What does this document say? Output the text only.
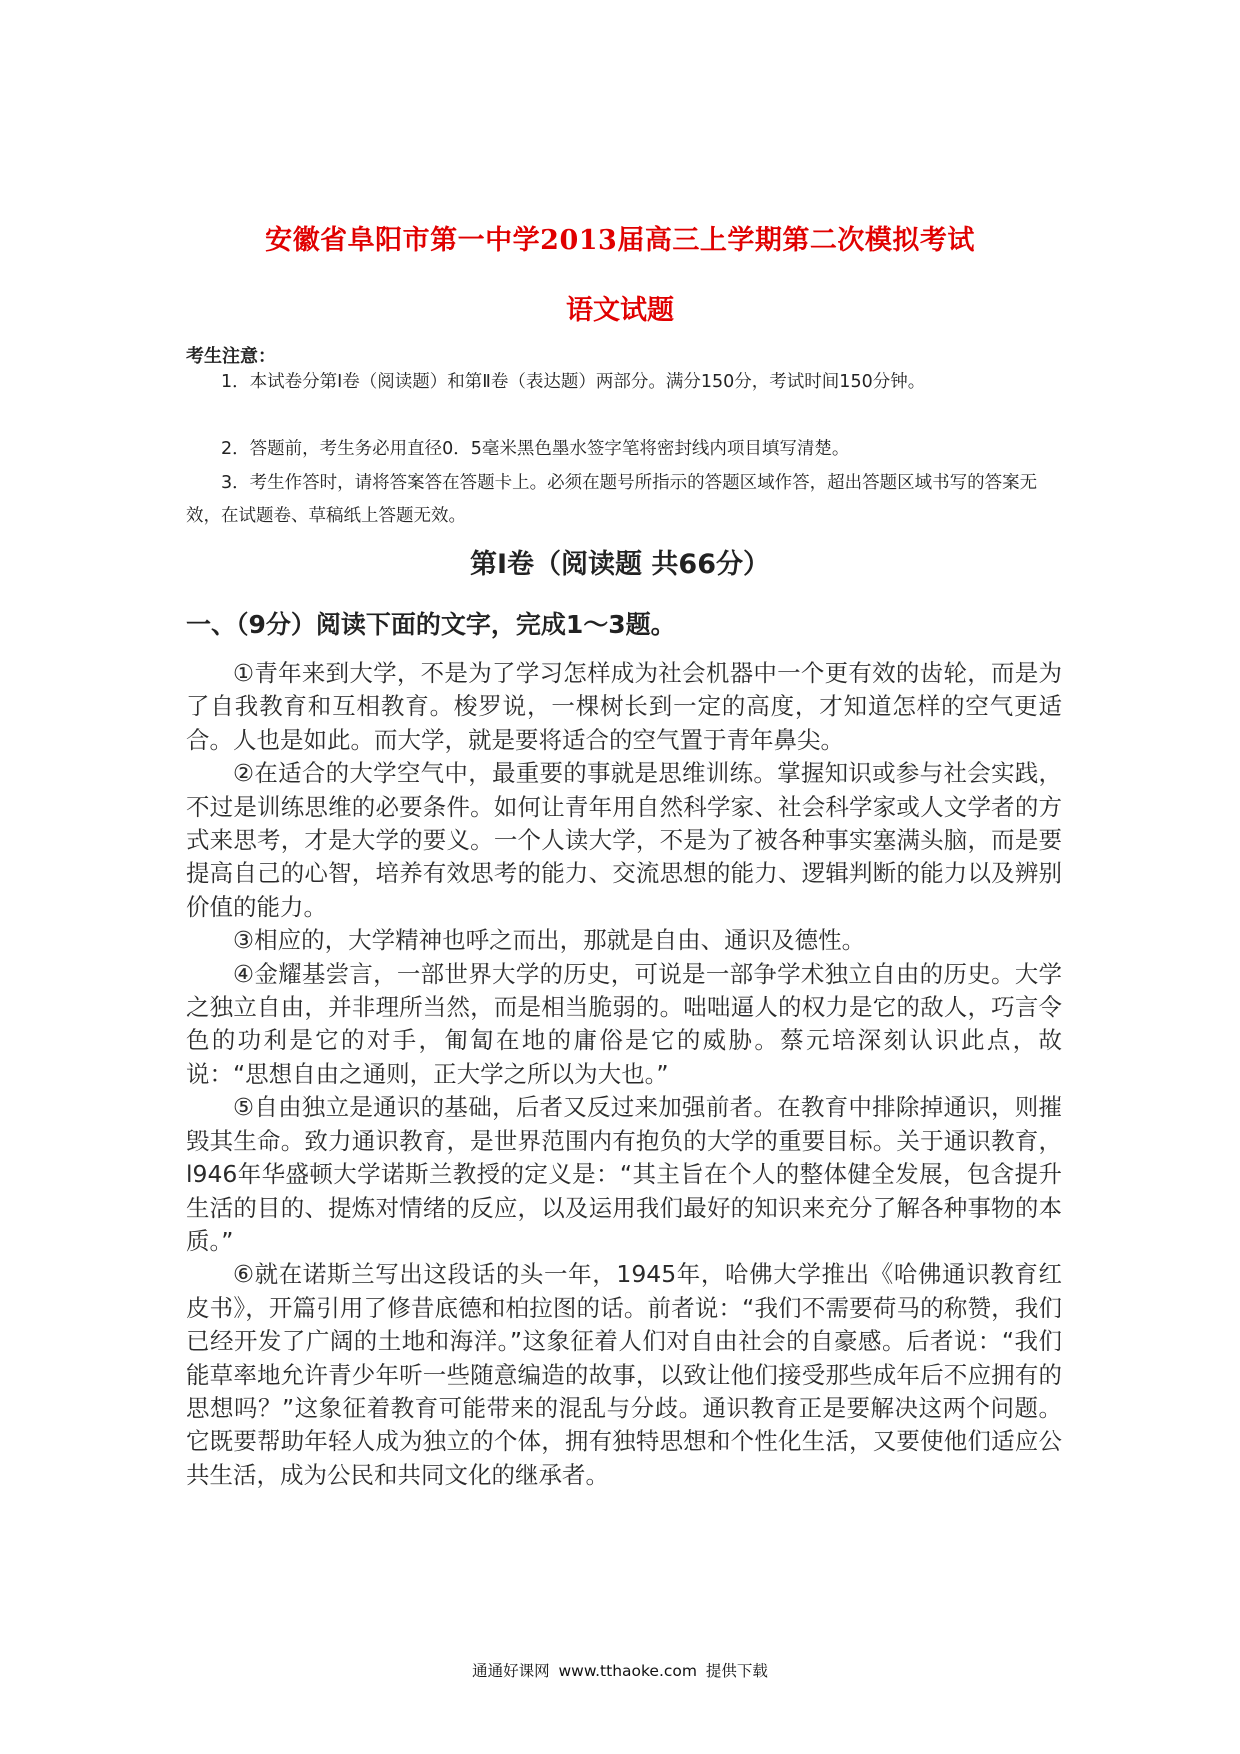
安徽省阜阳市第一中学2013届高三上学期第二次模拟考试
语文试题
考生注意：

1．本试卷分第Ⅰ卷（阅读题）和第Ⅱ卷（表达题）两部分。满分150分，考试时间150分钟。

2．答题前，考生务必用直径0．5毫米黑色墨水签字笔将密封线内项目填写清楚。

3．考生作答时，请将答案答在答题卡上。必须在题号所指示的答题区域作答，超出答题区域书写的答案无效，在试题卷、草稿纸上答题无效。

第Ⅰ卷（阅读题 共66分）
一、（9分）阅读下面的文字，完成1～3题。

①青年来到大学，不是为了学习怎样成为社会机器中一个更有效的齿轮，而是为了自我教育和互相教育。梭罗说，一棵树长到一定的高度，才知道怎样的空气更适合。人也是如此。而大学，就是要将适合的空气置于青年鼻尖。

②在适合的大学空气中，最重要的事就是思维训练。掌握知识或参与社会实践，不过是训练思维的必要条件。如何让青年用自然科学家、社会科学家或人文学者的方式来思考，才是大学的要义。一个人读大学，不是为了被各种事实塞满头脑，而是要提高自己的心智，培养有效思考的能力、交流思想的能力、逻辑判断的能力以及辨别价值的能力。

③相应的，大学精神也呼之而出，那就是自由、通识及德性。

④金耀基尝言，一部世界大学的历史，可说是一部争学术独立自由的历史。大学之独立自由，并非理所当然，而是相当脆弱的。咄咄逼人的权力是它的敌人，巧言令色的功利是它的对手，匍匐在地的庸俗是它的威胁。蔡元培深刻认识此点，故说：“思想自由之通则，正大学之所以为大也。”

⑤自由独立是通识的基础，后者又反过来加强前者。在教育中排除掉通识，则摧毁其生命。致力通识教育，是世界范围内有抱负的大学的重要目标。关于通识教育，l946年华盛顿大学诺斯兰教授的定义是：“其主旨在个人的整体健全发展，包含提升生活的目的、提炼对情绪的反应，以及运用我们最好的知识来充分了解各种事物的本质。”

⑥就在诺斯兰写出这段话的头一年，1945年，哈佛大学推出《哈佛通识教育红皮书》，开篇引用了修昔底德和柏拉图的话。前者说：“我们不需要荷马的称赞，我们已经开发了广阔的土地和海洋。”这象征着人们对自由社会的自豪感。后者说：“我们能草率地允许青少年听一些随意编造的故事，以致让他们接受那些成年后不应拥有的思想吗？”这象征着教育可能带来的混乱与分歧。通识教育正是要解决这两个问题。它既要帮助年轻人成为独立的个体，拥有独特思想和个性化生活，又要使他们适应公共生活，成为公民和共同文化的继承者。

通通好课网 www.tthaoke.com 提供下载
